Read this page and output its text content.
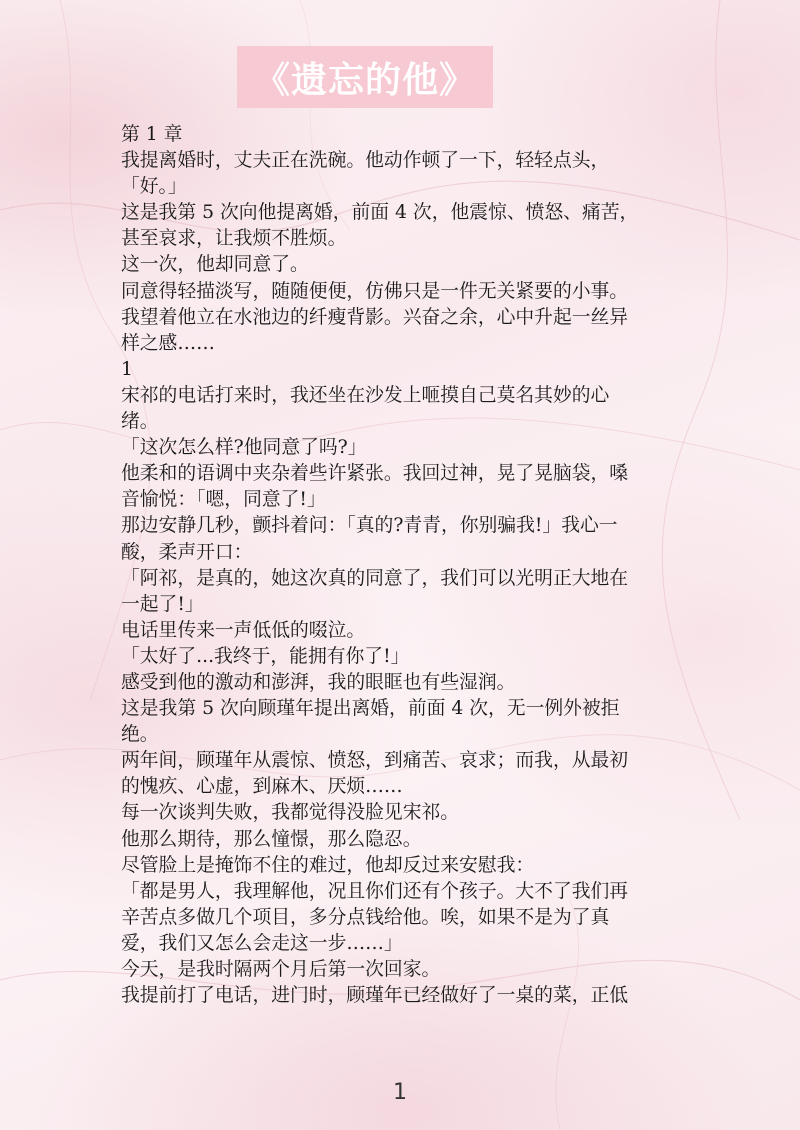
《遗忘的他》
第 1 章
我提离婚时，丈夫正在洗碗。他动作顿了一下，轻轻点头，
「好。」
这是我第 5 次向他提离婚，前面 4 次，他震惊、愤怒、痛苦，
甚至哀求，让我烦不胜烦。
这一次，他却同意了。
同意得轻描淡写，随随便便，仿佛只是一件无关紧要的小事。
我望着他立在水池边的纤瘦背影。兴奋之余，心中升起一丝异
样之感……
1
宋祁的电话打来时，我还坐在沙发上咂摸自己莫名其妙的心
绪。
「这次怎么样?他同意了吗?」
他柔和的语调中夹杂着些许紧张。我回过神，晃了晃脑袋，嗓
音愉悦：「嗯，同意了!」
那边安静几秒，颤抖着问：「真的?青青，你别骗我!」我心一
酸，柔声开口：
「阿祁，是真的，她这次真的同意了，我们可以光明正大地在
一起了!」
电话里传来一声低低的啜泣。
「太好了...我终于，能拥有你了!」
感受到他的激动和澎湃，我的眼眶也有些湿润。
这是我第 5 次向顾瑾年提出离婚，前面 4 次，无一例外被拒
绝。
两年间，顾瑾年从震惊、愤怒，到痛苦、哀求；而我，从最初
的愧疚、心虚，到麻木、厌烦……
每一次谈判失败，我都觉得没脸见宋祁。
他那么期待，那么憧憬，那么隐忍。
尽管脸上是掩饰不住的难过，他却反过来安慰我：
「都是男人，我理解他，况且你们还有个孩子。大不了我们再
辛苦点多做几个项目，多分点钱给他。唉，如果不是为了真
爱，我们又怎么会走这一步……」
今天，是我时隔两个月后第一次回家。
我提前打了电话，进门时，顾瑾年已经做好了一桌的菜，正低
1
